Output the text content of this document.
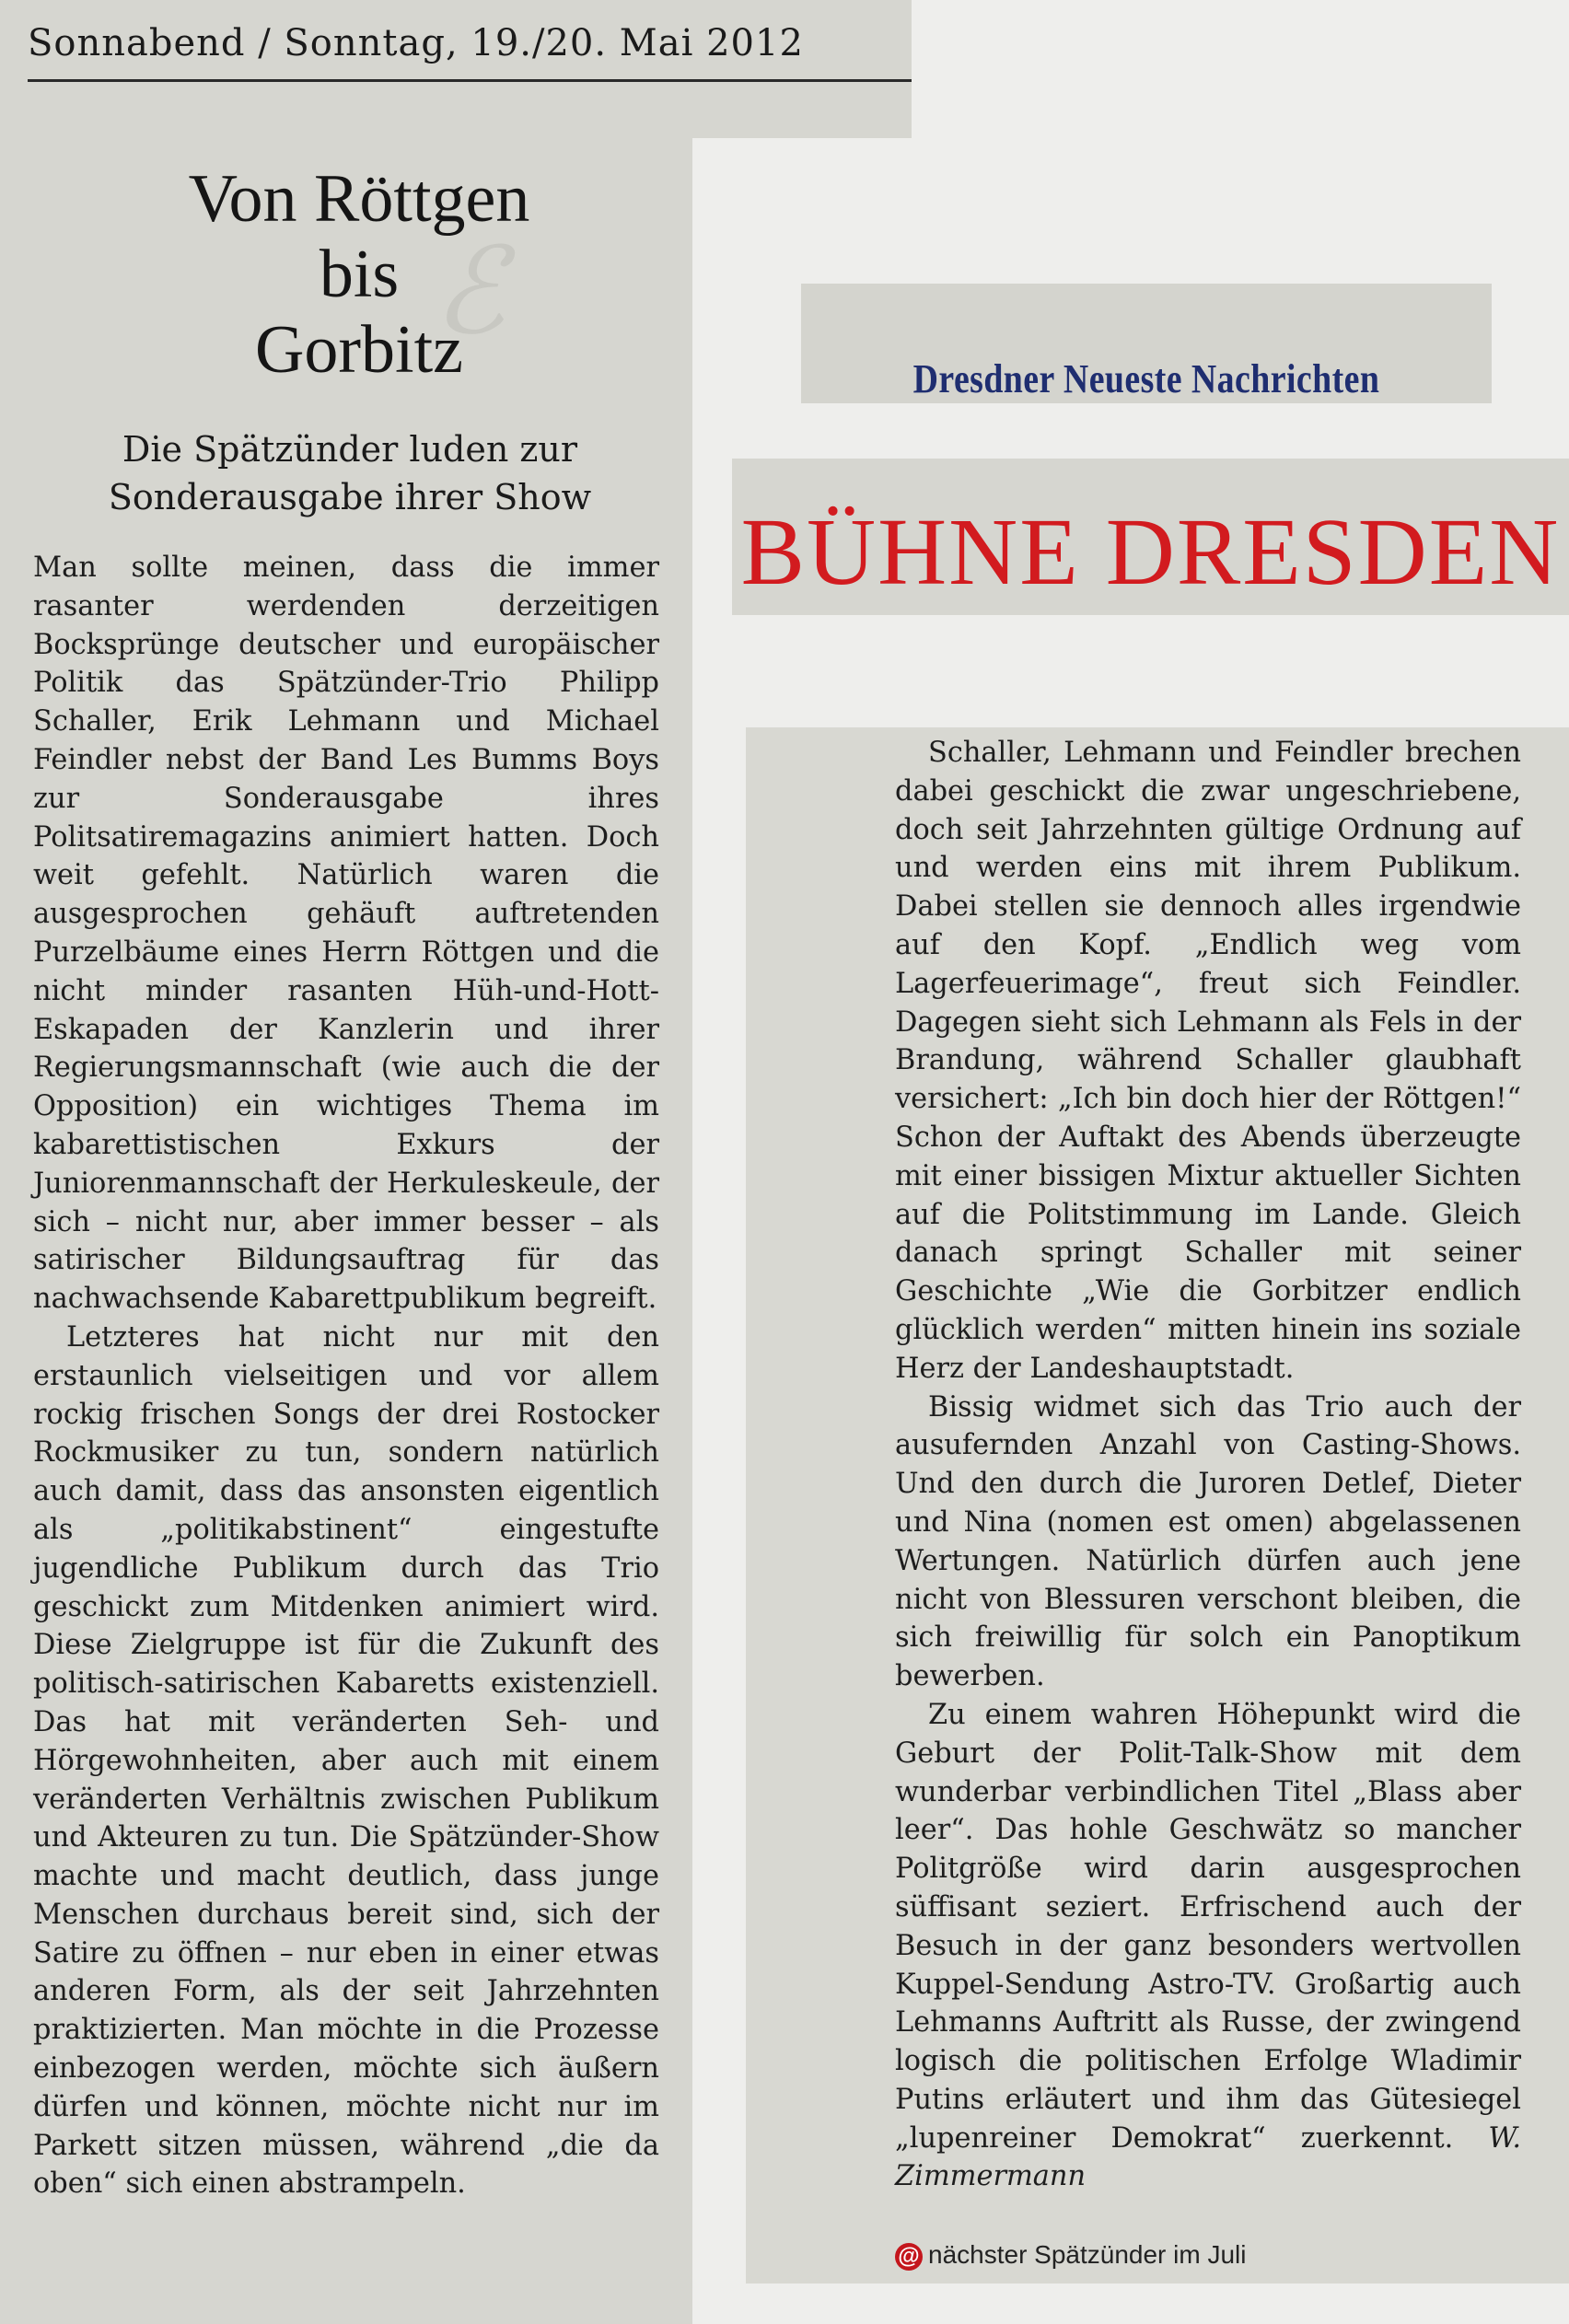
ℰ
Sonnabend / Sonntag, 19./20. Mai 2012
Von Röttgen
bis
Gorbitz
Die Spätzünder luden zur
Sonderausgabe ihrer Show

Man sollte meinen, dass die immer rasanter werdenden derzeitigen Bocksprünge deutscher und europäischer Politik das Spätzünder-Trio Philipp Schaller, Erik Lehmann und Michael Feindler nebst der Band Les Bumms Boys zur Sonderausgabe ihres Politsatiremagazins animiert hatten. Doch weit gefehlt. Natürlich waren die ausgesprochen gehäuft auftretenden Purzelbäume eines Herrn Röttgen und die nicht minder rasanten Hüh-und-Hott-Eskapaden der Kanzlerin und ihrer Regierungsmannschaft (wie auch die der Opposition) ein wichtiges Thema im kabarettistischen Exkurs der Juniorenmannschaft der Herkuleskeule, der sich – nicht nur, aber immer besser – als satirischer Bildungsauftrag für das nachwachsende Kabarettpublikum begreift.

Letzteres hat nicht nur mit den erstaunlich vielseitigen und vor allem rockig frischen Songs der drei Rostocker Rockmusiker zu tun, sondern natürlich auch damit, dass das ansonsten eigentlich als „politikabstinent“ eingestufte jugendliche Publikum durch das Trio geschickt zum Mitdenken animiert wird. Diese Zielgruppe ist für die Zukunft des politisch-satirischen Kabaretts existenziell. Das hat mit veränderten Seh- und Hörgewohnheiten, aber auch mit einem veränderten Verhältnis zwischen Publikum und Akteuren zu tun. Die Spätzünder-Show machte und macht deutlich, dass junge Menschen durchaus bereit sind, sich der Satire zu öffnen – nur eben in einer etwas anderen Form, als der seit Jahrzehnten praktizierten. Man möchte in die Prozesse einbezogen werden, möchte sich äußern dürfen und können, möchte nicht nur im Parkett sitzen müssen, während „die da oben“ sich einen abstrampeln.

Dresdner Neueste Nachrichten
BÜHNE DRESDEN

Schaller, Lehmann und Feindler brechen dabei geschickt die zwar ungeschriebene, doch seit Jahrzehnten gültige Ordnung auf und werden eins mit ihrem Publikum. Dabei stellen sie dennoch alles irgendwie auf den Kopf. „Endlich weg vom Lagerfeuerimage“, freut sich Feindler. Dagegen sieht sich Lehmann als Fels in der Brandung, während Schaller glaubhaft versichert: „Ich bin doch hier der Röttgen!“ Schon der Auftakt des Abends überzeugte mit einer bissigen Mixtur aktueller Sichten auf die Politstimmung im Lande. Gleich danach springt Schaller mit seiner Geschichte „Wie die Gorbitzer endlich glücklich werden“ mitten hinein ins soziale Herz der Landeshauptstadt.

Bissig widmet sich das Trio auch der ausufernden Anzahl von Casting-Shows. Und den durch die Juroren Detlef, Dieter und Nina (nomen est omen) abgelassenen Wertungen. Natürlich dürfen auch jene nicht von Blessuren verschont bleiben, die sich freiwillig für solch ein Panoptikum bewerben.

Zu einem wahren Höhepunkt wird die Geburt der Polit-Talk-Show mit dem wunderbar verbindlichen Titel „Blass aber leer“. Das hohle Geschwätz so mancher Politgröße wird darin ausgesprochen süffisant seziert. Erfrischend auch der Besuch in der ganz besonders wertvollen Kuppel-Sendung Astro-TV. Großartig auch Lehmanns Auftritt als Russe, der zwingend logisch die politischen Erfolge Wladimir Putins erläutert und ihm das Gütesiegel „lupenreiner Demokrat“ zuerkennt. W. Zimmermann

@ nächster Spätzünder im Juli
